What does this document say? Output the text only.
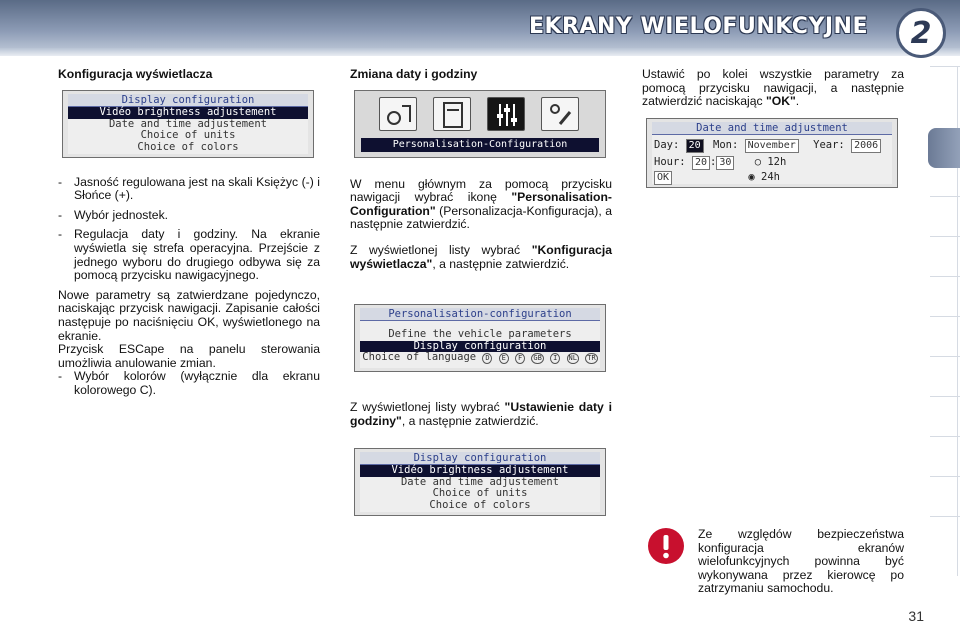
EKRANY WIELOFUNKCYJNE	2
Konfiguracja wyświetlacza
- Jasność regulowana jest na skali Księżyc (-) i Słońce (+).
- Wybór jednostek.
- Regulacja daty i godziny. Na ekranie wyświetla się strefa operacyjna. Przejście z jednego wyboru do drugiego odbywa się za pomocą przycisku nawigacyjnego.

Nowe parametry są zatwierdzane pojedynczo, naciskając przycisk nawigacji. Zapisanie całości następuje po naciśnięciu OK, wyświetlonego na ekranie.

Przycisk ESCape na panelu sterowania umożliwia anulowanie zmian.

- Wybór kolorów (wyłącznie dla ekranu kolorowego C).
Display configuration
Vidéo brightness adjustement
Date and time adjustement
Choice of units
Choice of colors
Zmiana daty i godziny

W menu głównym za pomocą przycisku nawigacji wybrać ikonę "Personalisation-Configuration" (Personalizacja-Konfiguracja), a następnie zatwierdzić.

Z wyświetlonej listy wybrać "Konfiguracja wyświetlacza", a następnie zatwierdzić.

Personalisation-Configuration
Personalisation-configuration
Define the vehicle parameters
Display configuration
Choice of language D E F GB I NL TR

Z wyświetlonej listy wybrać "Ustawienie daty i godziny", a następnie zatwierdzić.

Display configuration
Vidéo brightness adjustement
Date and time adjustement
Choice of units
Choice of colors

Ustawić po kolei wszystkie parametry za pomocą przycisku nawigacji, a następnie zatwierdzić naciskając "OK".

Date and time adjustment
Day: 20 Mon: November Year: 2006
Hour: 20 : 30 ○ 12h
OK	◉ 24h
Ze względów bezpieczeństwa konfiguracja ekranów wielofunkcyjnych powinna być wykonywana przez kierowcę po zatrzymaniu samochodu.
31
